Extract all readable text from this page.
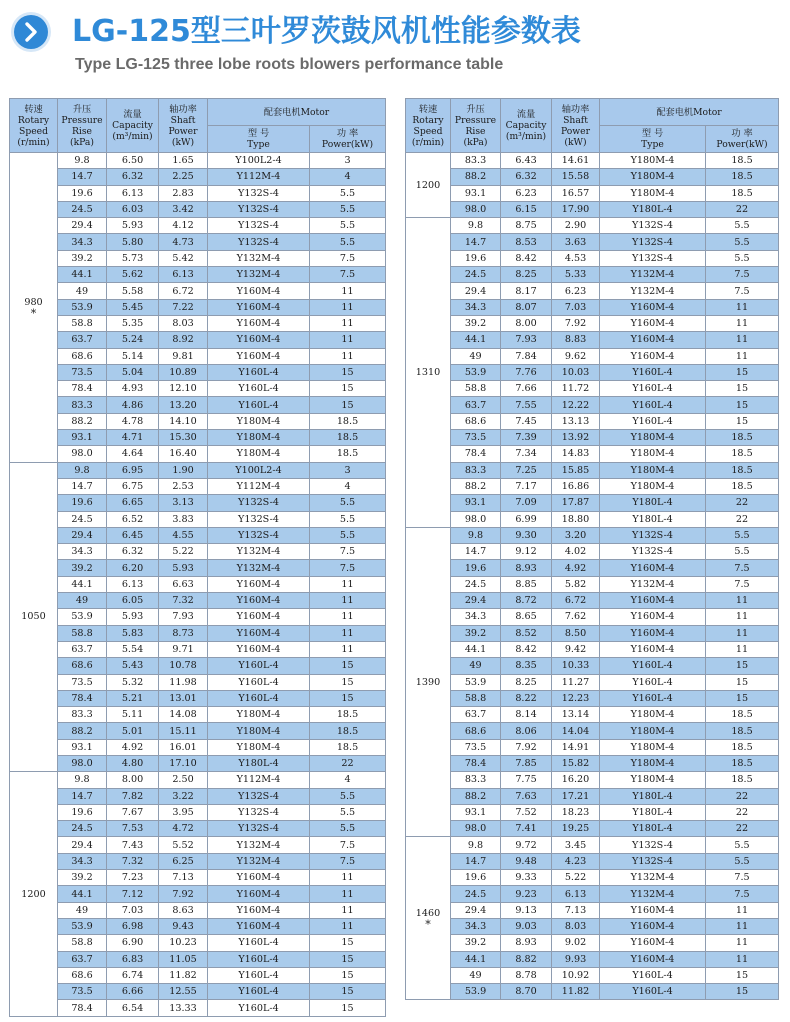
LG-125型三叶罗茨鼓风机性能参数表
Type LG-125 three lobe roots blowers performance table
转速
Rotary
Speed
(r/min)	升压
Pressure
Rise
(kPa)	流量
Capacity
(m³/min)	轴功率
Shaft
Power
(kW)	配套电机Motor	
				型 号
Type	功 率
Power(kW)
980
*	9.8	6.50	1.65	Y100L2-4	3
	14.7	6.32	2.25	Y112M-4	4
	19.6	6.13	2.83	Y132S-4	5.5
	24.5	6.03	3.42	Y132S-4	5.5
	29.4	5.93	4.12	Y132S-4	5.5
	34.3	5.80	4.73	Y132S-4	5.5
	39.2	5.73	5.42	Y132M-4	7.5
	44.1	5.62	6.13	Y132M-4	7.5
	49	5.58	6.72	Y160M-4	11
	53.9	5.45	7.22	Y160M-4	11
	58.8	5.35	8.03	Y160M-4	11
	63.7	5.24	8.92	Y160M-4	11
	68.6	5.14	9.81	Y160M-4	11
	73.5	5.04	10.89	Y160L-4	15
	78.4	4.93	12.10	Y160L-4	15
	83.3	4.86	13.20	Y160L-4	15
	88.2	4.78	14.10	Y180M-4	18.5
	93.1	4.71	15.30	Y180M-4	18.5
	98.0	4.64	16.40	Y180M-4	18.5
1050	9.8	6.95	1.90	Y100L2-4	3
	14.7	6.75	2.53	Y112M-4	4
	19.6	6.65	3.13	Y132S-4	5.5
	24.5	6.52	3.83	Y132S-4	5.5
	29.4	6.45	4.55	Y132S-4	5.5
	34.3	6.32	5.22	Y132M-4	7.5
	39.2	6.20	5.93	Y132M-4	7.5
	44.1	6.13	6.63	Y160M-4	11
	49	6.05	7.32	Y160M-4	11
	53.9	5.93	7.93	Y160M-4	11
	58.8	5.83	8.73	Y160M-4	11
	63.7	5.54	9.71	Y160M-4	11
	68.6	5.43	10.78	Y160L-4	15
	73.5	5.32	11.98	Y160L-4	15
	78.4	5.21	13.01	Y160L-4	15
	83.3	5.11	14.08	Y180M-4	18.5
	88.2	5.01	15.11	Y180M-4	18.5
	93.1	4.92	16.01	Y180M-4	18.5
	98.0	4.80	17.10	Y180L-4	22
1200	9.8	8.00	2.50	Y112M-4	4
	14.7	7.82	3.22	Y132S-4	5.5
	19.6	7.67	3.95	Y132S-4	5.5
	24.5	7.53	4.72	Y132S-4	5.5
	29.4	7.43	5.52	Y132M-4	7.5
	34.3	7.32	6.25	Y132M-4	7.5
	39.2	7.23	7.13	Y160M-4	11
	44.1	7.12	7.92	Y160M-4	11
	49	7.03	8.63	Y160M-4	11
	53.9	6.98	9.43	Y160M-4	11
	58.8	6.90	10.23	Y160L-4	15
	63.7	6.83	11.05	Y160L-4	15
	68.6	6.74	11.82	Y160L-4	15
	73.5	6.66	12.55	Y160L-4	15
	78.4	6.54	13.33	Y160L-4	15
转速
Rotary
Speed
(r/min)	升压
Pressure
Rise
(kPa)	流量
Capacity
(m³/min)	轴功率
Shaft
Power
(kW)	配套电机Motor	
				型 号
Type	功 率
Power(kW)
1200	83.3	6.43	14.61	Y180M-4	18.5
	88.2	6.32	15.58	Y180M-4	18.5
	93.1	6.23	16.57	Y180M-4	18.5
	98.0	6.15	17.90	Y180L-4	22
1310	9.8	8.75	2.90	Y132S-4	5.5
	14.7	8.53	3.63	Y132S-4	5.5
	19.6	8.42	4.53	Y132S-4	5.5
	24.5	8.25	5.33	Y132M-4	7.5
	29.4	8.17	6.23	Y132M-4	7.5
	34.3	8.07	7.03	Y160M-4	11
	39.2	8.00	7.92	Y160M-4	11
	44.1	7.93	8.83	Y160M-4	11
	49	7.84	9.62	Y160M-4	11
	53.9	7.76	10.03	Y160L-4	15
	58.8	7.66	11.72	Y160L-4	15
	63.7	7.55	12.22	Y160L-4	15
	68.6	7.45	13.13	Y160L-4	15
	73.5	7.39	13.92	Y180M-4	18.5
	78.4	7.34	14.83	Y180M-4	18.5
	83.3	7.25	15.85	Y180M-4	18.5
	88.2	7.17	16.86	Y180M-4	18.5
	93.1	7.09	17.87	Y180L-4	22
	98.0	6.99	18.80	Y180L-4	22
1390	9.8	9.30	3.20	Y132S-4	5.5
	14.7	9.12	4.02	Y132S-4	5.5
	19.6	8.93	4.92	Y160M-4	7.5
	24.5	8.85	5.82	Y132M-4	7.5
	29.4	8.72	6.72	Y160M-4	11
	34.3	8.65	7.62	Y160M-4	11
	39.2	8.52	8.50	Y160M-4	11
	44.1	8.42	9.42	Y160M-4	11
	49	8.35	10.33	Y160L-4	15
	53.9	8.25	11.27	Y160L-4	15
	58.8	8.22	12.23	Y160L-4	15
	63.7	8.14	13.14	Y180M-4	18.5
	68.6	8.06	14.04	Y180M-4	18.5
	73.5	7.92	14.91	Y180M-4	18.5
	78.4	7.85	15.82	Y180M-4	18.5
	83.3	7.75	16.20	Y180M-4	18.5
	88.2	7.63	17.21	Y180L-4	22
	93.1	7.52	18.23	Y180L-4	22
	98.0	7.41	19.25	Y180L-4	22
1460
*	9.8	9.72	3.45	Y132S-4	5.5
	14.7	9.48	4.23	Y132S-4	5.5
	19.6	9.33	5.22	Y132M-4	7.5
	24.5	9.23	6.13	Y132M-4	7.5
	29.4	9.13	7.13	Y160M-4	11
	34.3	9.03	8.03	Y160M-4	11
	39.2	8.93	9.02	Y160M-4	11
	44.1	8.82	9.93	Y160M-4	11
	49	8.78	10.92	Y160L-4	15
	53.9	8.70	11.82	Y160L-4	15
